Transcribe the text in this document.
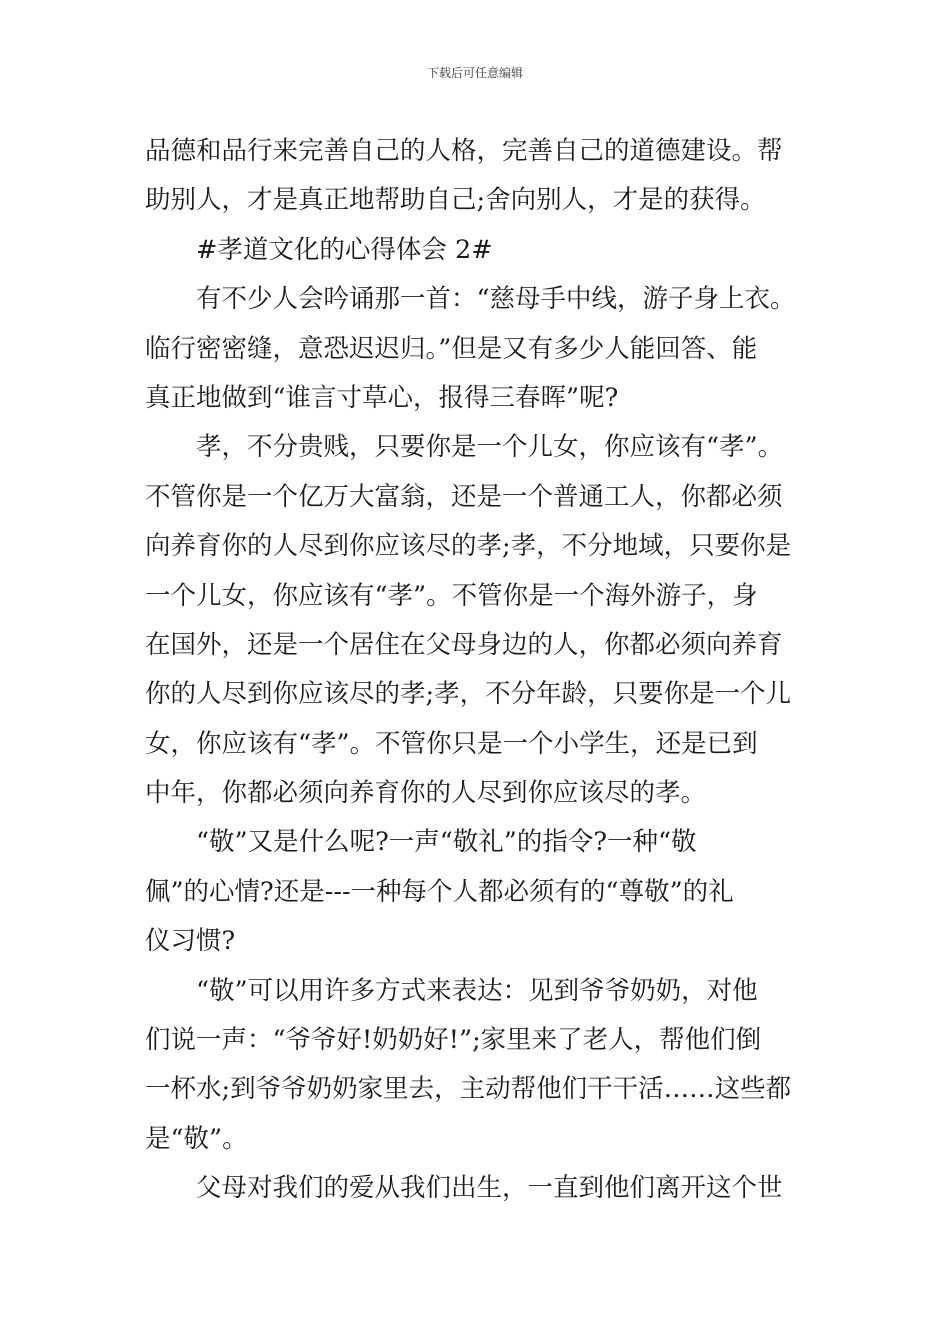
下载后可任意编辑
品德和品行来完善自己的人格，完善自己的道德建设。帮
助别人，才是真正地帮助自己;舍向别人，才是的获得。
#孝道文化的心得体会 2#
有不少人会吟诵那一首：“慈母手中线，游子身上衣。
临行密密缝，意恐迟迟归。”但是又有多少人能回答、能
真正地做到“谁言寸草心，报得三春晖”呢?
孝，不分贵贱，只要你是一个儿女，你应该有“孝”。
不管你是一个亿万大富翁，还是一个普通工人，你都必须
向养育你的人尽到你应该尽的孝;孝，不分地域，只要你是
一个儿女，你应该有“孝”。不管你是一个海外游子，身
在国外，还是一个居住在父母身边的人，你都必须向养育
你的人尽到你应该尽的孝;孝，不分年龄，只要你是一个儿
女，你应该有“孝”。不管你只是一个小学生，还是已到
中年，你都必须向养育你的人尽到你应该尽的孝。
“敬”又是什么呢?一声“敬礼”的指令?一种“敬
佩”的心情?还是---一种每个人都必须有的“尊敬”的礼
仪习惯?
“敬”可以用许多方式来表达：见到爷爷奶奶，对他
们说一声：“爷爷好!奶奶好!”;家里来了老人，帮他们倒
一杯水;到爷爷奶奶家里去，主动帮他们干干活……这些都
是“敬”。
父母对我们的爱从我们出生，一直到他们离开这个世
